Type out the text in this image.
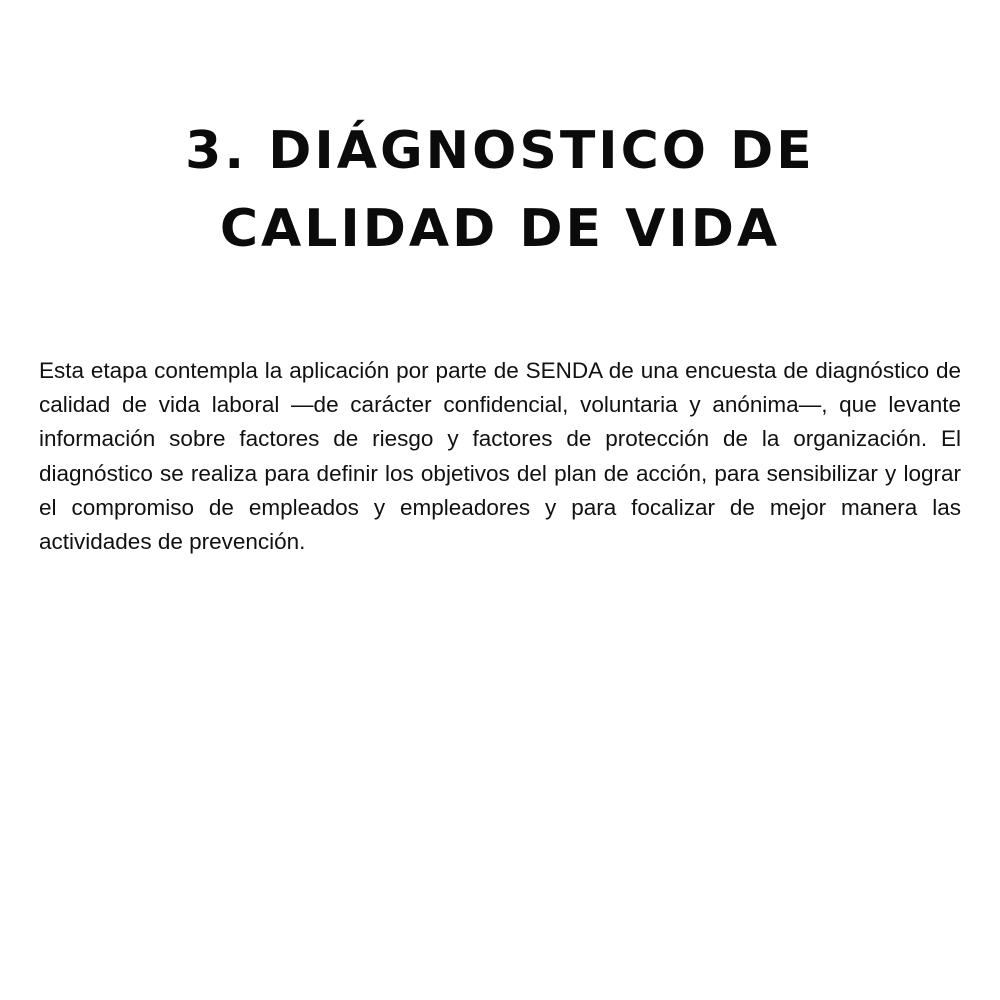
3. DIÁGNOSTICO DE
CALIDAD DE VIDA

Esta etapa contempla la aplicación por parte de SENDA de una encuesta de diagnóstico de calidad de vida laboral —de carácter confidencial, voluntaria y anónima—, que levante información sobre factores de riesgo y factores de protección de la organización. El diagnóstico se realiza para definir los objetivos del plan de acción, para sensibilizar y lograr el compromiso de empleados y empleadores y para focalizar de mejor manera las actividades de prevención.
